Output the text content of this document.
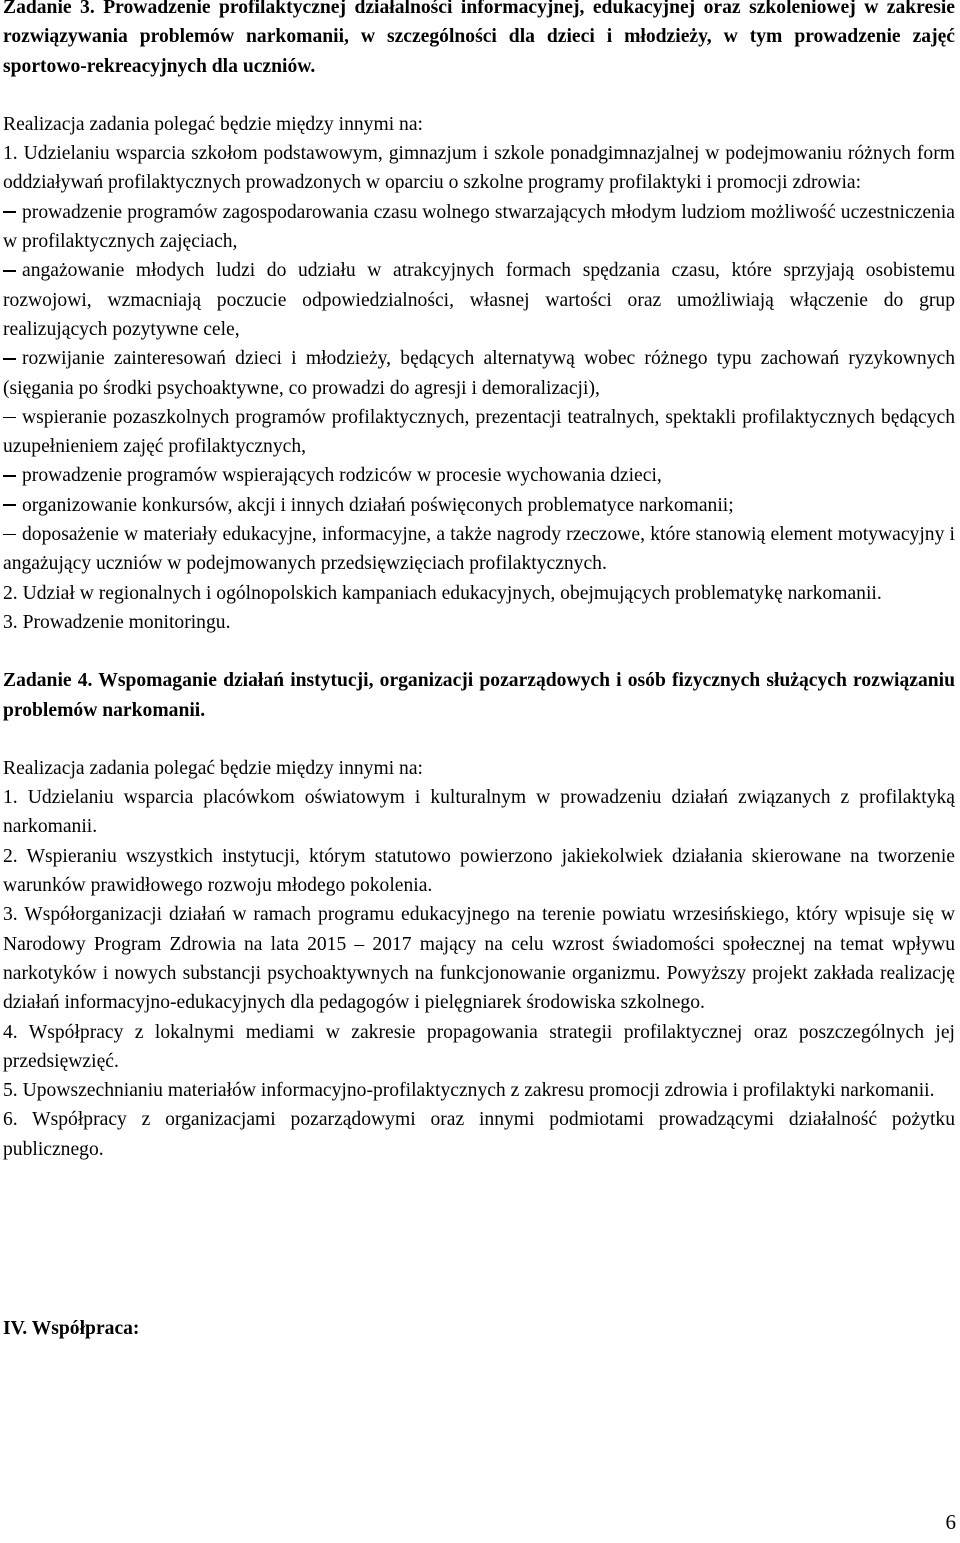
Zadanie 3. Prowadzenie profilaktycznej działalności informacyjnej, edukacyjnej oraz szkoleniowej w zakresie rozwiązywania problemów narkomanii, w szczególności dla dzieci i młodzieży, w tym prowadzenie zajęć sportowo-rekreacyjnych dla uczniów.

Realizacja zadania polegać będzie między innymi na:

1. Udzielaniu wsparcia szkołom podstawowym, gimnazjum i szkole ponadgimnazjalnej w podejmowaniu różnych form oddziaływań profilaktycznych prowadzonych w oparciu o szkolne programy profilaktyki i promocji zdrowia:

prowadzenie programów zagospodarowania czasu wolnego stwarzających młodym ludziom możliwość uczestniczenia w profilaktycznych zajęciach,

angażowanie młodych ludzi do udziału w atrakcyjnych formach spędzania czasu, które sprzyjają osobistemu rozwojowi, wzmacniają poczucie odpowiedzialności, własnej wartości oraz umożliwiają włączenie do grup realizujących pozytywne cele,

rozwijanie zainteresowań dzieci i młodzieży, będących alternatywą wobec różnego typu zachowań ryzykownych (sięgania po środki psychoaktywne, co prowadzi do agresji i demoralizacji),

wspieranie pozaszkolnych programów profilaktycznych, prezentacji teatralnych, spektakli profilaktycznych będących uzupełnieniem zajęć profilaktycznych,

prowadzenie programów wspierających rodziców w procesie wychowania dzieci,

organizowanie konkursów, akcji i innych działań poświęconych problematyce narkomanii;

doposażenie w materiały edukacyjne, informacyjne, a także nagrody rzeczowe, które stanowią element motywacyjny i angażujący uczniów w podejmowanych przedsięwzięciach profilaktycznych.

2. Udział w regionalnych i ogólnopolskich kampaniach edukacyjnych, obejmujących problematykę narkomanii.

3. Prowadzenie monitoringu.

Zadanie 4. Wspomaganie działań instytucji, organizacji pozarządowych i osób fizycznych służących rozwiązaniu problemów narkomanii.

Realizacja zadania polegać będzie między innymi na:

1. Udzielaniu wsparcia placówkom oświatowym i kulturalnym w prowadzeniu działań związanych z profilaktyką narkomanii.

2. Wspieraniu wszystkich instytucji, którym statutowo powierzono jakiekolwiek działania skierowane na tworzenie warunków prawidłowego rozwoju młodego pokolenia.

3. Współorganizacji działań w ramach programu edukacyjnego na terenie powiatu wrzesińskiego, który wpisuje się w Narodowy Program Zdrowia na lata 2015 – 2017 mający na celu wzrost świadomości społecznej na temat wpływu narkotyków i nowych substancji psychoaktywnych na funkcjonowanie organizmu. Powyższy projekt zakłada realizację działań informacyjno-edukacyjnych dla pedagogów i pielęgniarek środowiska szkolnego.

4. Współpracy z lokalnymi mediami w zakresie propagowania strategii profilaktycznej oraz poszczególnych jej przedsięwzięć.

5. Upowszechnianiu materiałów informacyjno-profilaktycznych z zakresu promocji zdrowia i profilaktyki narkomanii.

6. Współpracy z organizacjami pozarządowymi oraz innymi podmiotami prowadzącymi działalność pożytku publicznego.

IV. Współpraca:

6
